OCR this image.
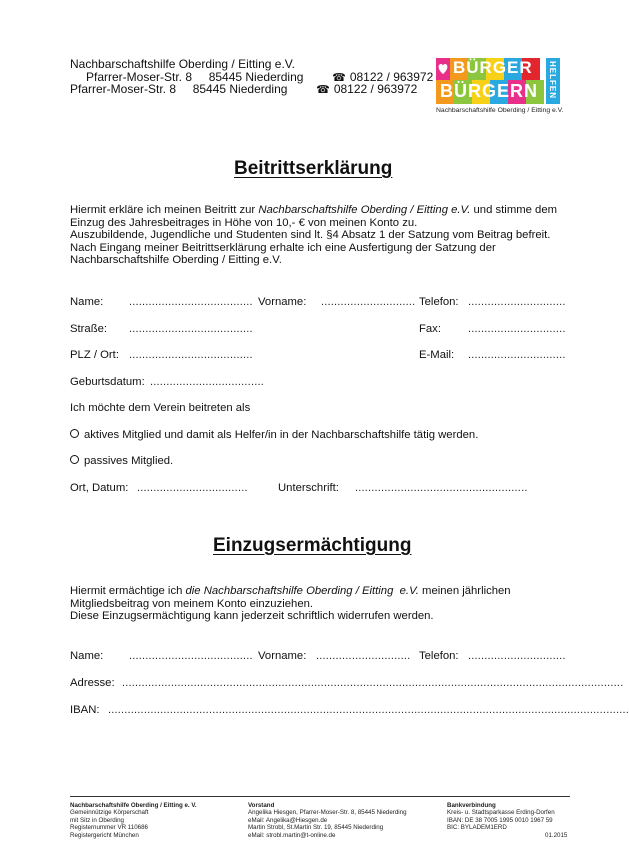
Nachbarschaftshilfe Oberding / Eitting e.V.
Pfarrer-Moser-Str. 8     85445 Niederding	☎ 08122 / 963972
Pfarrer-Moser-Str. 8     85445 Niederding	☎ 08122 / 963972
BÜRGER
BÜRGERN HELFEN
Nachbarschaftshilfe Oberding / Eitting e.V.
Beitrittserklärung
Hiermit erkläre ich meinen Beitritt zur Nachbarschaftshilfe Oberding / Eitting e.V. und stimme dem
Einzug des Jahresbeitrages in Höhe von 10,- € von meinen Konto zu.
Auszubildende, Jugendliche und Studenten sind lt. §4 Absatz 1 der Satzung vom Beitrag befreit.
Nach Eingang meiner Beitrittserklärung erhalte ich eine Ausfertigung der Satzung der
Nachbarschaftshilfe Oberding / Eitting e.V.
Name: ...................................... Vorname: ............................. Telefon: ..............................
Straße: ......................................	Fax: ..............................
PLZ / Ort: ......................................	E-Mail: ..............................
Geburtsdatum: ...................................
Ich möchte dem Verein beitreten als
aktives Mitglied und damit als Helfer/in in der Nachbarschaftshilfe tätig werden.
passives Mitglied.
Ort, Datum: ..................................	Unterschrift: .....................................................
Einzugsermächtigung
Hiermit ermächtige ich die Nachbarschaftshilfe Oberding / Eitting  e.V. meinen jährlichen
Mitgliedsbeitrag von meinem Konto einzuziehen.
Diese Einzugsermächtigung kann jederzeit schriftlich widerrufen werden.
Name: ...................................... Vorname: ............................. Telefon: ..............................
Adresse: ..........................................................................................................................................................
IBAN: ................................................................................................................................................................
Nachbarschaftshilfe Oberding / Eitting e. V.
Gemeinnützige Körperschaft
mit Sitz in Oberding
Registernummer VR 110686
Registergericht München
Vorstand
Angelika Hiesgen, Pfarrer-Moser-Str. 8, 85445 Niederding
eMail: Angelika@Hiesgen.de
Martin Strobl, St.Martin Str. 19, 85445 Niederding
eMail: strobl.martin@t-online.de
Bankverbindung
Kreis- u. Stadtsparkasse Erding-Dorfen
IBAN: DE 38 7005 1995 0010 1967 59
BIC: BYLADEM1ERD
01.2015
